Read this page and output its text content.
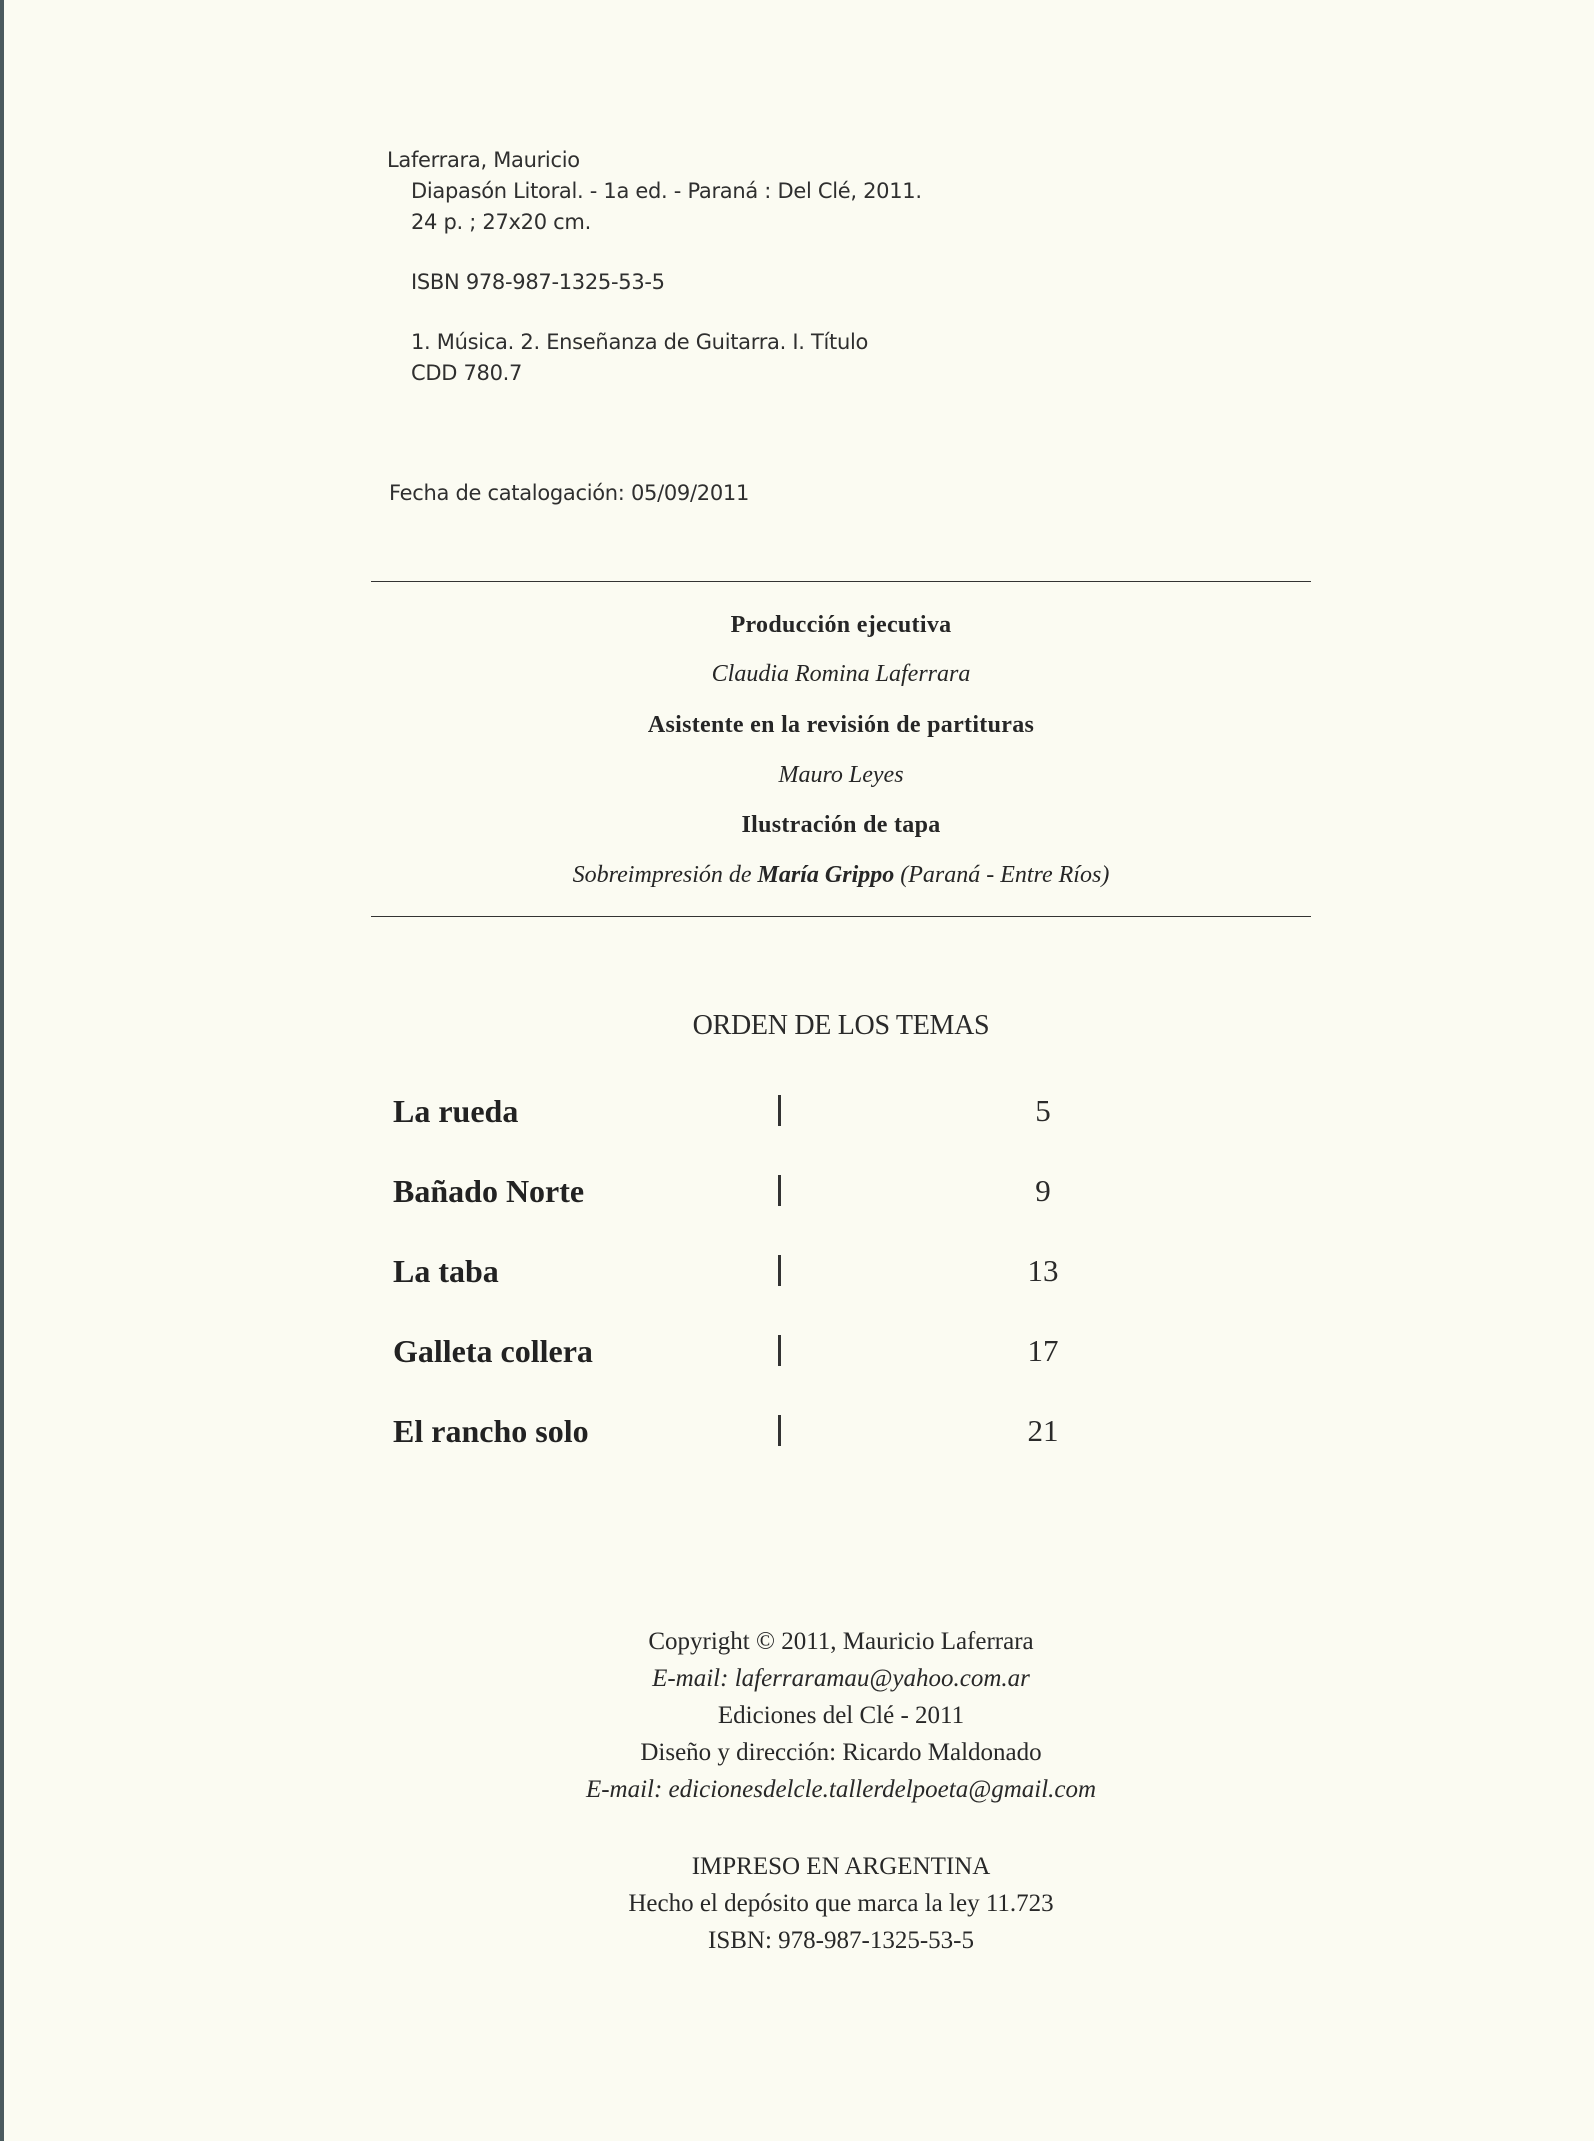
Laferrara, Mauricio
Diapasón Litoral. - 1a ed. - Paraná : Del Clé, 2011.
24 p. ; 27x20 cm.
ISBN 978-987-1325-53-5
1. Música. 2. Enseñanza de Guitarra. I. Título
CDD 780.7
Fecha de catalogación: 05/09/2011
Producción ejecutiva
Claudia Romina Laferrara
Asistente en la revisión de partituras
Mauro Leyes
Ilustración de tapa
Sobreimpresión de María Grippo (Paraná - Entre Ríos)
ORDEN DE LOS TEMAS
La rueda	5
Bañado Norte	9
La taba	13
Galleta collera	17
El rancho solo	21
Copyright © 2011, Mauricio Laferrara
E-mail: laferraramau@yahoo.com.ar
Ediciones del Clé - 2011
Diseño y dirección: Ricardo Maldonado
E-mail: edicionesdelcle.tallerdelpoeta@gmail.com
IMPRESO EN ARGENTINA
Hecho el depósito que marca la ley 11.723
ISBN: 978-987-1325-53-5
